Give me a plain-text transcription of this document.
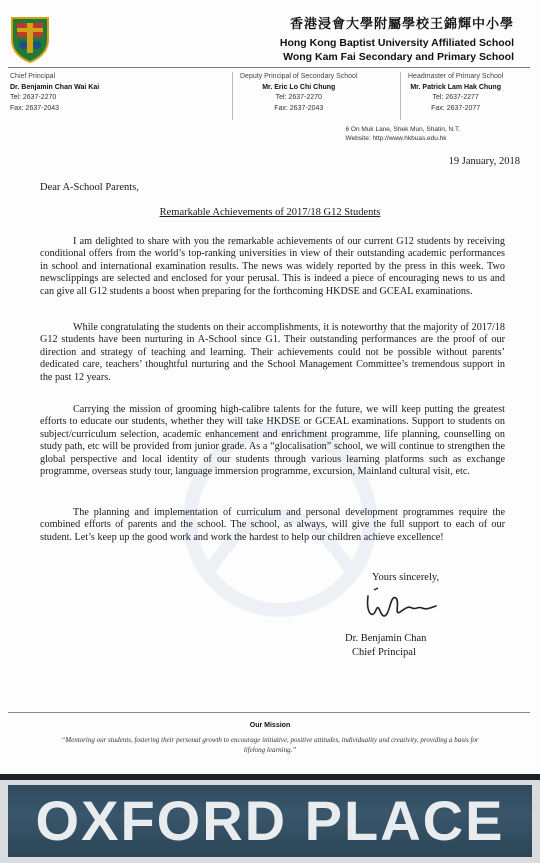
香港浸會大學附屬學校王錦輝中小學
Hong Kong Baptist University Affiliated School
Wong Kam Fai Secondary and Primary School
Chief Principal
Dr. Benjamin Chan Wai Kai
Tel: 2637-2270
Fax: 2637-2043
Deputy Principal of Secondary School
Mr. Eric Lo Chi Chung
Tel: 2637-2270
Fax: 2637-2043
Headmaster of Primary School
Mr. Patrick Lam Hak Chung
Tel: 2637-2277
Fax: 2637-2077
6 On Muk Lane, Shek Mun, Shatin, N.T.
Website: http://www.hkbuas.edu.hk
19 January, 2018
Dear A-School Parents,
Remarkable Achievements of 2017/18 G12 Students

I am delighted to share with you the remarkable achievements of our current G12 students by receiving conditional offers from the world’s top-ranking universities in view of their outstanding academic performances in school and international examination results. The news was widely reported by the press in this week. Two newsclippings are selected and enclosed for your perusal. This is indeed a piece of encouraging news to us and can give all G12 students a boost when preparing for the forthcoming HKDSE and GCEAL examinations.

While congratulating the students on their accomplishments, it is noteworthy that the majority of 2017/18 G12 students have been nurturing in A-School since G1. Their outstanding performances are the proof of our direction and strategy of teaching and learning. Their achievements could not be possible without parents’ dedicated care, teachers’ thoughtful nurturing and the School Management Committee’s tremendous support in the past 12 years.

Carrying the mission of grooming high-calibre talents for the future, we will keep putting the greatest efforts to educate our students, whether they will take HKDSE or GCEAL examinations. Support to students on subject/curriculum selection, academic enhancement and enrichment programme, life planning, counselling on study path, etc will be provided from junior grade. As a “glocalisation” school, we will continue to strengthen the global perspective and local identity of our students through various learning platforms such as exchange programme, overseas study tour, language immersion programme, excursion, Mainland cultural visit, etc.

The planning and implementation of curriculum and personal development programmes require the combined efforts of parents and the school. The school, as always, will give the full support to each of our student. Let’s keep up the good work and work the hardest to help our children achieve excellence!

Yours sincerely,
Dr. Benjamin Chan
Chief Principal
Our Mission
“Mentoring our students, fostering their personal growth to encourage initiative, positive attitudes, individuality and creativity, providing a basis for lifelong learning.”
OXFORD PLACE
